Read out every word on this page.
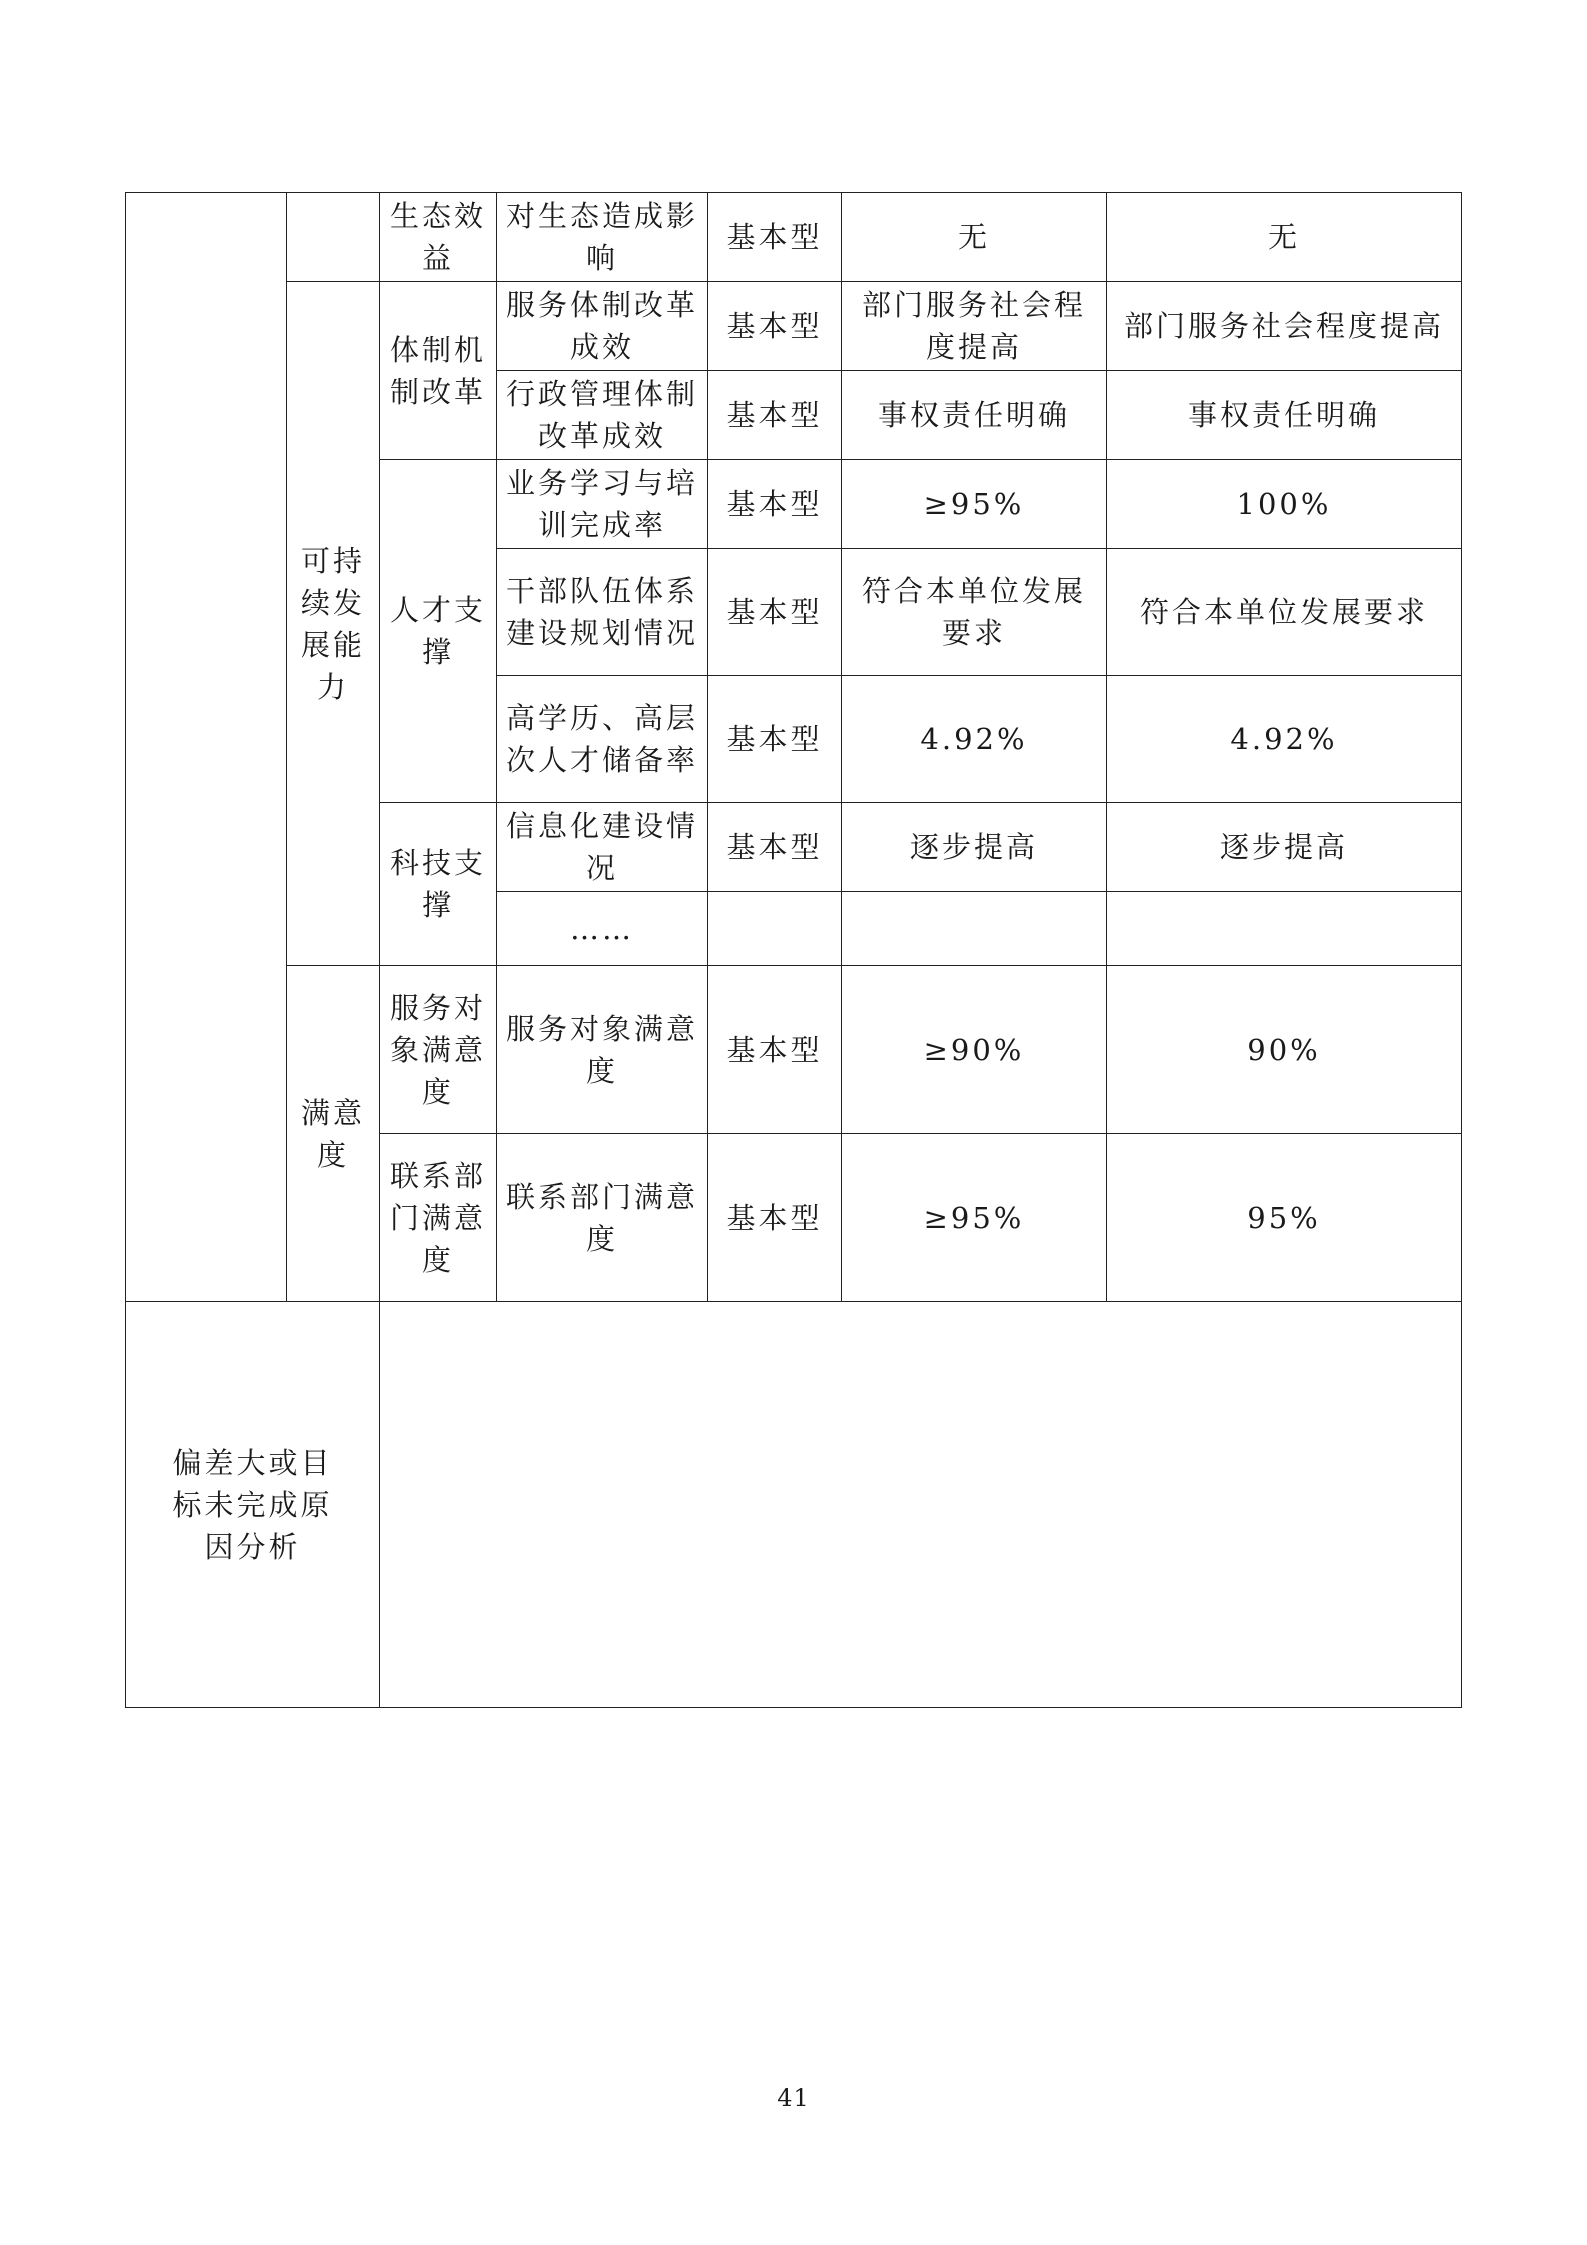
		生态效益	对生态造成影响	基本型	无	无
	可持续发展能力	体制机制改革	服务体制改革成效	基本型	部门服务社会程度提高	部门服务社会程度提高
			行政管理体制改革成效	基本型	事权责任明确	事权责任明确
		人才支撑	业务学习与培训完成率	基本型	≥95%	100%
			干部队伍体系建设规划情况	基本型	符合本单位发展要求	符合本单位发展要求
			高学历、高层次人才储备率	基本型	4.92%	4.92%
		科技支撑	信息化建设情况	基本型	逐步提高	逐步提高
			……			
	满意度	服务对象满意度	服务对象满意度	基本型	≥90%	90%
		联系部门满意度	联系部门满意度	基本型	≥95%	95%

偏差大或目标未完成原因分析						
41
